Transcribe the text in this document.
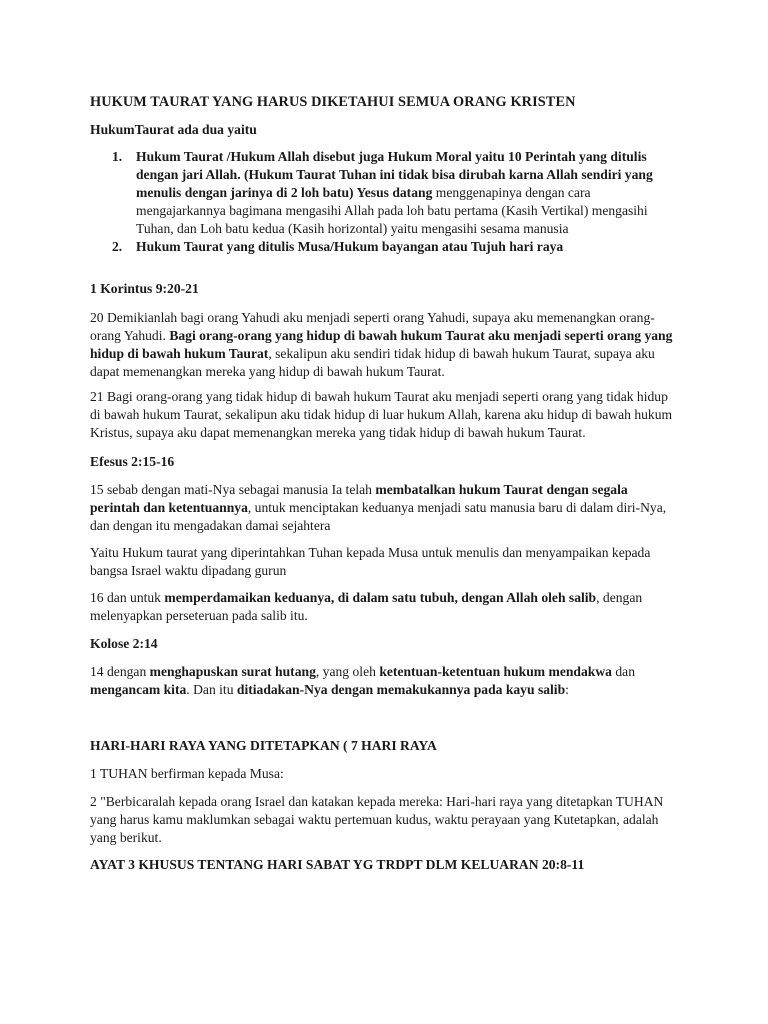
HUKUM TAURAT YANG HARUS DIKETAHUI SEMUA ORANG KRISTEN

HukumTaurat ada dua yaitu

1. Hukum Taurat /Hukum Allah disebut juga Hukum Moral yaitu 10 Perintah yang ditulis dengan jari Allah. (Hukum Taurat Tuhan ini tidak bisa dirubah karna Allah sendiri yang menulis dengan jarinya di 2 loh batu) Yesus datang menggenapinya dengan cara mengajarkannya bagimana mengasihi Allah pada loh batu pertama (Kasih Vertikal) mengasihi Tuhan, dan Loh batu kedua (Kasih horizontal) yaitu mengasihi sesama manusia
2. Hukum Taurat yang ditulis Musa/Hukum bayangan atau Tujuh hari raya

1 Korintus 9:20-21

20 Demikianlah bagi orang Yahudi aku menjadi seperti orang Yahudi, supaya aku memenangkan orang-orang Yahudi. Bagi orang-orang yang hidup di bawah hukum Taurat aku menjadi seperti orang yang hidup di bawah hukum Taurat, sekalipun aku sendiri tidak hidup di bawah hukum Taurat, supaya aku dapat memenangkan mereka yang hidup di bawah hukum Taurat.

21 Bagi orang-orang yang tidak hidup di bawah hukum Taurat aku menjadi seperti orang yang tidak hidup di bawah hukum Taurat, sekalipun aku tidak hidup di luar hukum Allah, karena aku hidup di bawah hukum Kristus, supaya aku dapat memenangkan mereka yang tidak hidup di bawah hukum Taurat.

Efesus 2:15-16

15 sebab dengan mati-Nya sebagai manusia Ia telah membatalkan hukum Taurat dengan segala perintah dan ketentuannya, untuk menciptakan keduanya menjadi satu manusia baru di dalam diri-Nya, dan dengan itu mengadakan damai sejahtera

Yaitu Hukum taurat yang diperintahkan Tuhan kepada Musa untuk menulis dan menyampaikan kepada bangsa Israel waktu dipadang gurun

16 dan untuk memperdamaikan keduanya, di dalam satu tubuh, dengan Allah oleh salib, dengan melenyapkan perseteruan pada salib itu.

Kolose 2:14

14 dengan menghapuskan surat hutang, yang oleh ketentuan-ketentuan hukum mendakwa dan mengancam kita. Dan itu ditiadakan-Nya dengan memakukannya pada kayu salib:

HARI-HARI RAYA YANG DITETAPKAN ( 7 HARI RAYA

1 TUHAN berfirman kepada Musa:

2 "Berbicaralah kepada orang Israel dan katakan kepada mereka: Hari-hari raya yang ditetapkan TUHAN yang harus kamu maklumkan sebagai waktu pertemuan kudus, waktu perayaan yang Kutetapkan, adalah yang berikut.

AYAT 3 KHUSUS TENTANG HARI SABAT YG TRDPT DLM KELUARAN 20:8-11
